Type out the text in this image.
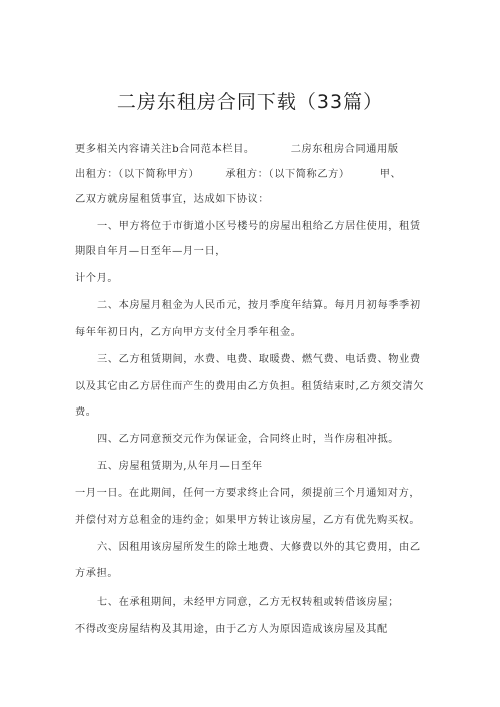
二房东租房合同下载（33篇）
更多相关内容请关注b合同范本栏目。	二房东租房合同通用版
出租方：（以下简称甲方）	承租方：（以下简称乙方）	甲、
乙双方就房屋租赁事宜，达成如下协议：
一、甲方将位于市街道小区号楼号的房屋出租给乙方居住使用，租赁
期限自年月—日至年—月一日，
计个月。
二、本房屋月租金为人民币元，按月季度年结算。每月月初每季季初
每年年初日内，乙方向甲方支付全月季年租金。
三、乙方租赁期间，水费、电费、取暖费、燃气费、电话费、物业费
以及其它由乙方居住而产生的费用由乙方负担。租赁结束时,乙方须交清欠
费。
四、乙方同意预交元作为保证金，合同终止时，当作房租冲抵。
五、房屋租赁期为,从年月—日至年
一月一日。在此期间，任何一方要求终止合同，须提前三个月通知对方，
并偿付对方总租金的违约金；如果甲方转让该房屋，乙方有优先购买权。
六、因租用该房屋所发生的除土地费、大修费以外的其它费用，由乙
方承担。
七、在承租期间，未经甲方同意，乙方无权转租或转借该房屋；
不得改变房屋结构及其用途，由于乙方人为原因造成该房屋及其配
